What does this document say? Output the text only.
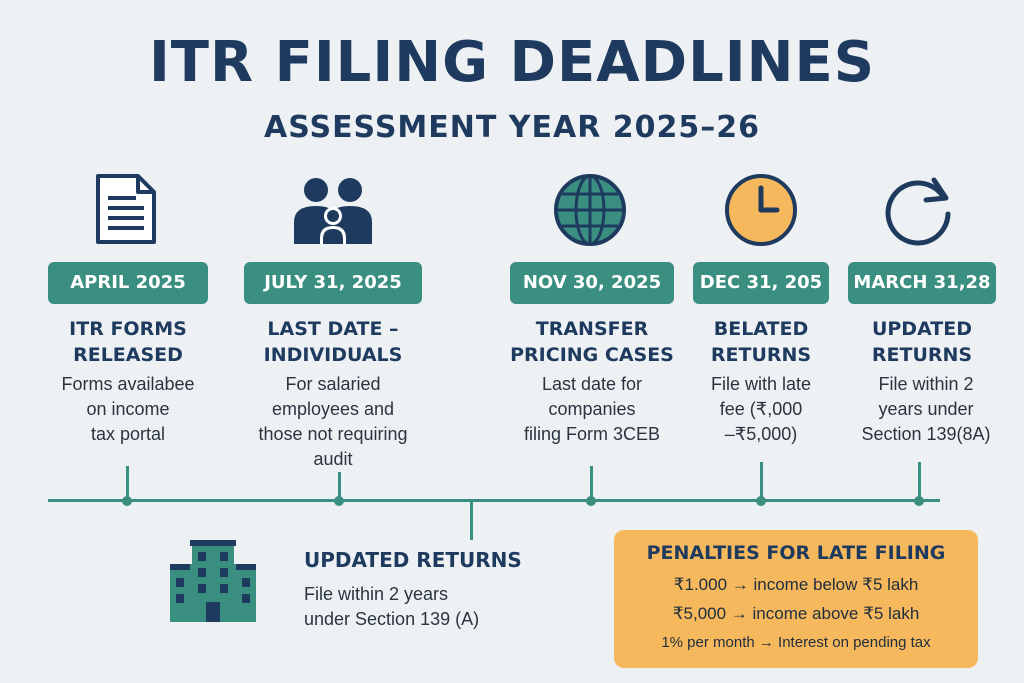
ITR FILING DEADLINES
ASSESSMENT YEAR 2025–26
APRIL 2025
ITR FORMS
RELEASED
Forms availabee
on income
tax portal
JULY 31, 2025
LAST DATE –
INDIVIDUALS
For salaried
employees and
those not requiring
audit
NOV 30, 2025
TRANSFER
PRICING CASES
Last date for
companies
filing Form 3CEB
DEC 31, 205
BELATED
RETURNS
File with late
fee (₹,000
–₹5,000)
MARCH 31,28
UPDATED
RETURNS
File within 2
years under
Section 139(8A)
UPDATED RETURNS
File within 2 years
under Section 139 (A)
PENALTIES FOR LATE FILING
₹1.000 → income below ₹5 lakh
₹5,000 → income above ₹5 lakh
1% per month → Interest on pending tax
